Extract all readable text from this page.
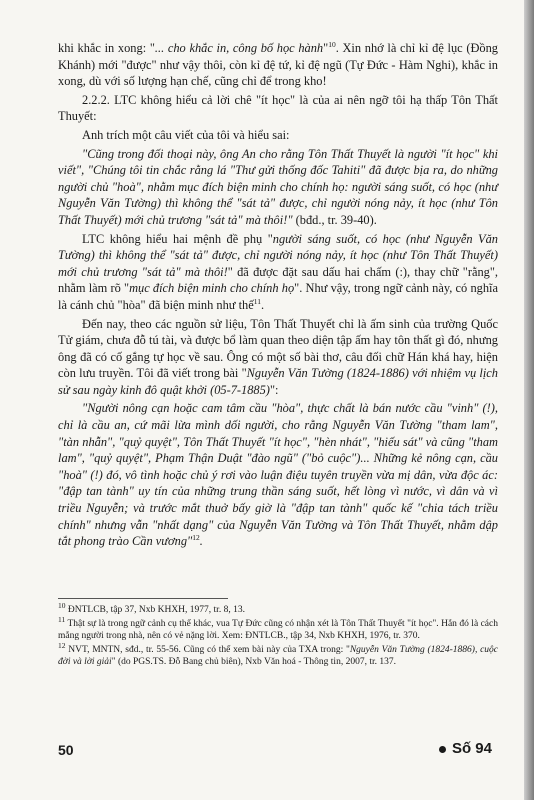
khi khắc in xong: "... cho khắc in, công bố học hành"$^{10}$. Xin nhớ là chỉ kỉ đệ lục (Đồng Khánh) mới "được" như vậy thôi, còn kỉ đệ tứ, kỉ đệ ngũ (Tự Đức - Hàm Nghi), khắc in xong, dù với số lượng hạn chế, cũng chỉ để trong kho!

2.2.2. LTC không hiểu cả lời chê "ít học" là của ai nên ngỡ tôi hạ thấp Tôn Thất Thuyết:

Anh trích một câu viết của tôi và hiểu sai:

"Cũng trong đối thoại này, ông An cho rằng Tôn Thất Thuyết là người "ít học" khi viết", "Chúng tôi tin chắc rằng lá "Thư gửi thống đốc Tahiti" đã được bịa ra, do những người chủ "hoà", nhằm mục đích biện minh cho chính họ: người sáng suốt, có học (như Nguyễn Văn Tường) thì không thể "sát tả" được, chỉ người nóng nảy, ít học (như Tôn Thất Thuyết) mới chủ trương "sát tả" mà thôi!" (bđd., tr. 39-40).

LTC không hiểu hai mệnh đề phụ "người sáng suốt, có học (như Nguyễn Văn Tường) thì không thể "sát tả" được, chỉ người nóng nảy, ít học (như Tôn Thất Thuyết) mới chủ trương "sát tả" mà thôi!" đã được đặt sau dấu hai chấm (:), thay chữ "rằng", nhằm làm rõ "mục đích biện minh cho chính họ". Như vậy, trong ngữ cảnh này, có nghĩa là cánh chủ "hòa" đã biện minh như thế$^{11}$.

Đến nay, theo các nguồn sử liệu, Tôn Thất Thuyết chỉ là ấm sinh của trường Quốc Tử giám, chưa đỗ tú tài, và được bổ làm quan theo diện tập ấm hay tôn thất gì đó, nhưng ông đã có cố gắng tự học về sau. Ông có một số bài thơ, câu đối chữ Hán khá hay, hiện còn lưu truyền. Tôi đã viết trong bài "Nguyễn Văn Tường (1824-1886) với nhiệm vụ lịch sử sau ngày kinh đô quật khởi (05-7-1885)":

"Người nông cạn hoặc cam tâm cầu "hòa", thực chất là bán nước cầu "vinh" (!), chỉ là cầu an, cứ mãi lừa mình dối người, cho rằng Nguyễn Văn Tường "tham lam", "tàn nhẫn", "quỷ quyệt", Tôn Thất Thuyết "ít học", "hèn nhát", "hiếu sát" và cũng "tham lam", "quỷ quyệt", Phạm Thận Duật "đào ngũ" ("bỏ cuộc")... Những kẻ nông cạn, cầu "hoà" (!) đó, vô tình hoặc chủ ý rơi vào luận điệu tuyên truyền vừa mị dân, vừa độc ác: "đập tan tành" uy tín của những trung thần sáng suốt, hết lòng vì nước, vì dân và vì triều Nguyễn; và trước mắt thuở bấy giờ là "đập tan tành" quốc kế "chia tách triều chính" nhưng vẫn "nhất dạng" của Nguyễn Văn Tường và Tôn Thất Thuyết, nhằm dập tắt phong trào Cần vương"$^{12}$.

$^{10}$ ĐNTLCB, tập 37, Nxb KHXH, 1977, tr. 8, 13.

$^{11}$ Thật sự là trong ngữ cảnh cụ thể khác, vua Tự Đức cũng có nhận xét là Tôn Thất Thuyết "ít học". Hắn đó là cách mắng người trong nhà, nên có vẻ nặng lời. Xem: ĐNTLCB., tập 34, Nxb KHXH, 1976, tr. 370.

$^{12}$ NVT, MNTN, sđd., tr. 55-56. Cũng có thể xem bài này của TXA trong: "Nguyễn Văn Tường (1824-1886), cuộc đời và lời giải" (do PGS.TS. Đỗ Bang chủ biên), Nxb Văn hoá - Thông tin, 2007, tr. 137.

50	Số 94
